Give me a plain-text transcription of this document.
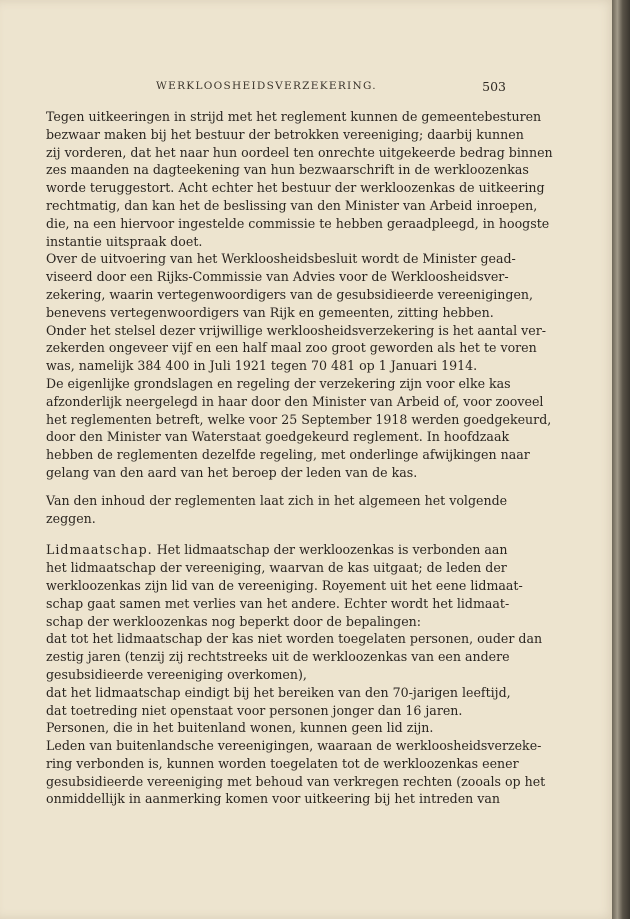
WERKLOOSHEIDSVERZEKERING.	503
Tegen uitkeeringen in strijd met het reglement kunnen de gemeentebesturen
bezwaar maken bij het bestuur der betrokken vereeniging; daarbij kunnen
zij vorderen, dat het naar hun oordeel ten onrechte uitgekeerde bedrag binnen
zes maanden na dagteekening van hun bezwaarschrift in de werkloozenkas
worde teruggestort. Acht echter het bestuur der werkloozenkas de uitkeering
rechtmatig, dan kan het de beslissing van den Minister van Arbeid inroepen,
die, na een hiervoor ingestelde commissie te hebben geraadpleegd, in hoogste
instantie uitspraak doet.
Over de uitvoering van het Werkloosheidsbesluit wordt de Minister gead-
viseerd door een Rijks-Commissie van Advies voor de Werkloosheidsver-
zekering, waarin vertegenwoordigers van de gesubsidieerde vereenigingen,
benevens vertegenwoordigers van Rijk en gemeenten, zitting hebben.
Onder het stelsel dezer vrijwillige werkloosheidsverzekering is het aantal ver-
zekerden ongeveer vijf en een half maal zoo groot geworden als het te voren
was, namelijk 384 400 in Juli 1921 tegen 70 481 op 1 Januari 1914.
De eigenlijke grondslagen en regeling der verzekering zijn voor elke kas
afzonderlijk neergelegd in haar door den Minister van Arbeid of, voor zooveel
het reglementen betreft, welke voor 25 September 1918 werden goedgekeurd,
door den Minister van Waterstaat goedgekeurd reglement. In hoofdzaak
hebben de reglementen dezelfde regeling, met onderlinge afwijkingen naar
gelang van den aard van het beroep der leden van de kas.
Van den inhoud der reglementen laat zich in het algemeen het volgende
zeggen.
Lidmaatschap. Het lidmaatschap der werkloozenkas is verbonden aan
het lidmaatschap der vereeniging, waarvan de kas uitgaat; de leden der
werkloozenkas zijn lid van de vereeniging. Royement uit het eene lidmaat-
schap gaat samen met verlies van het andere. Echter wordt het lidmaat-
schap der werkloozenkas nog beperkt door de bepalingen:
dat tot het lidmaatschap der kas niet worden toegelaten personen, ouder dan
zestig jaren (tenzij zij rechtstreeks uit de werkloozenkas van een andere
gesubsidieerde vereeniging overkomen),
dat het lidmaatschap eindigt bij het bereiken van den 70-jarigen leeftijd,
dat toetreding niet openstaat voor personen jonger dan 16 jaren.
Personen, die in het buitenland wonen, kunnen geen lid zijn.
Leden van buitenlandsche vereenigingen, waaraan de werkloosheidsverzeke-
ring verbonden is, kunnen worden toegelaten tot de werkloozenkas eener
gesubsidieerde vereeniging met behoud van verkregen rechten (zooals op het
onmiddellijk in aanmerking komen voor uitkeering bij het intreden van
